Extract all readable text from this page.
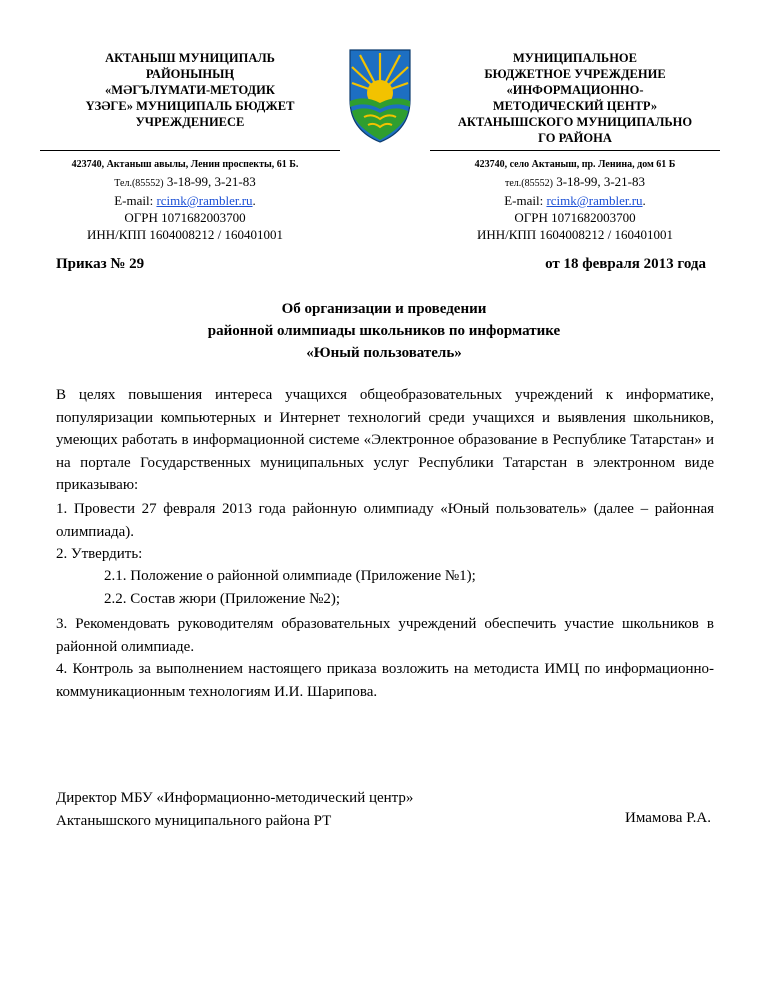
АКТАНЫШ МУНИЦИПАЛЬ
РАЙОНЫНЫҢ
«МӘГЪЛҮМАТИ-МЕТОДИК
ҮЗӘГЕ» МУНИЦИПАЛЬ БЮДЖЕТ
УЧРЕЖДЕНИЕСЕ
МУНИЦИПАЛЬНОЕ
БЮДЖЕТНОЕ УЧРЕЖДЕНИЕ
«ИНФОРМАЦИОННО-
МЕТОДИЧЕСКИЙ ЦЕНТР»
АКТАНЫШСКОГО МУНИЦИПАЛЬНО
ГО РАЙОНА
423740, Актаныш авылы, Ленин проспекты, 61 Б.
Тел.(85552) 3-18-99, 3-21-83
E-mail: rcimk@rambler.ru.
ОГРН 1071682003700
ИНН/КПП 1604008212 / 160401001
423740, село Актаныш, пр. Ленина, дом 61 Б
тел.(85552) 3-18-99, 3-21-83
E-mail: rcimk@rambler.ru.
ОГРН 1071682003700
ИНН/КПП 1604008212 / 160401001
Приказ № 29	от 18 февраля 2013 года
Об организации и проведении
районной олимпиады школьников по информатике
«Юный пользователь»
В целях повышения интереса учащихся общеобразовательных учреждений к информатике, популяризации компьютерных и Интернет технологий среди учащихся и выявления школьников, умеющих работать в информационной системе «Электронное образование в Республике Татарстан» и на портале Государственных муниципальных услуг Республики Татарстан в электронном виде приказываю:
1. Провести 27 февраля 2013 года районную олимпиаду «Юный пользователь» (далее – районная олимпиада).
2. Утвердить:
2.1. Положение о районной олимпиаде (Приложение №1);
2.2. Состав жюри (Приложение №2);
3. Рекомендовать руководителям образовательных учреждений обеспечить участие школьников в районной олимпиаде.
4. Контроль за выполнением настоящего приказа возложить на методиста ИМЦ по информационно-коммуникационным технологиям И.И. Шарипова.
Директор МБУ «Информационно-методический центр»
Актанышского муниципального района РТ	Имамова Р.А.
